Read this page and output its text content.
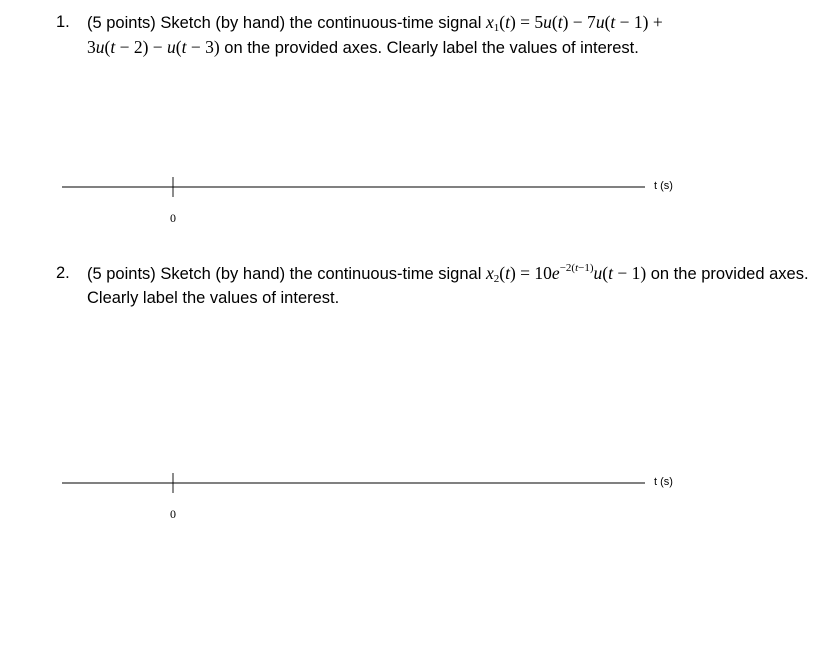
1.	(5 points) Sketch (by hand) the continuous-time signal $x_1(t) = 5u(t) - 7u(t - 1)$ +
3u(t − 2) − u(t − 3) on the provided axes. Clearly label the values of interest.
t (s)
0
2.	(5 points) Sketch (by hand) the continuous-time signal $x_2(t) = 10e^{-2(t-1)}u(t - 1)$ on the provided axes. Clearly label the values of interest.
t (s)
0
